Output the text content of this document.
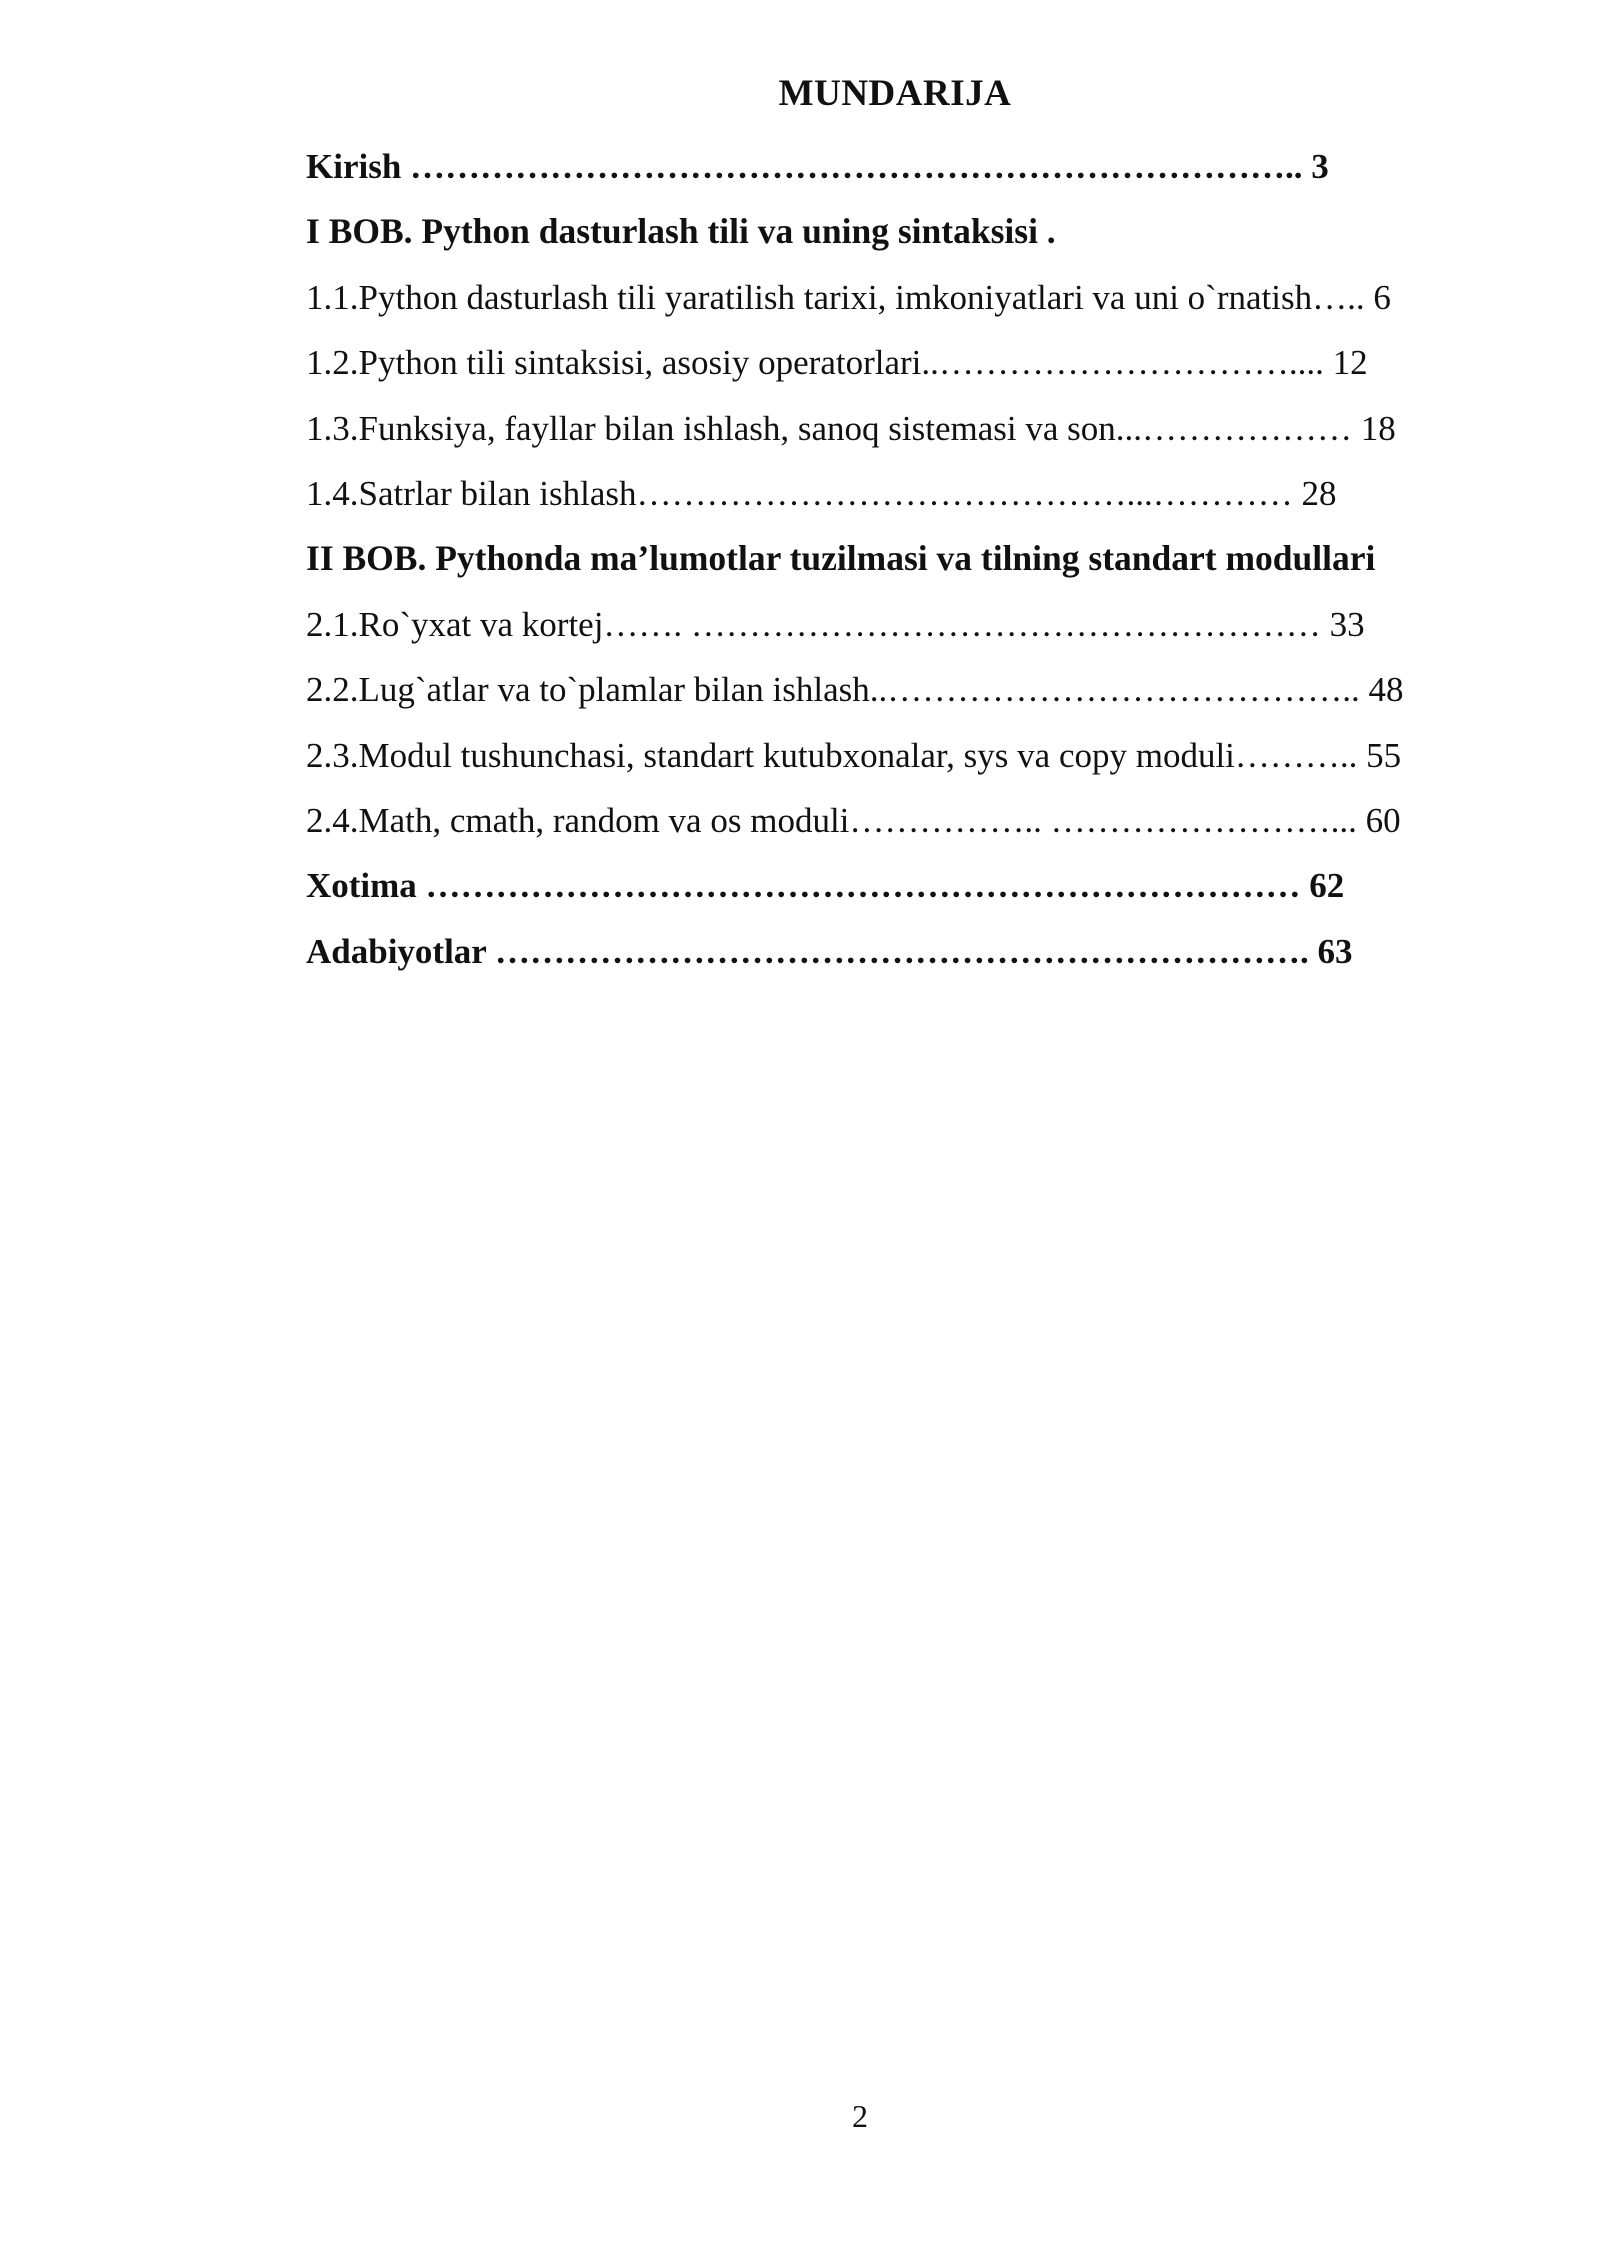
MUNDARIJA
Kirish ………………………………………………………………….. 3
I BOB. Python dasturlash tili va uning sintaksisi .
1.1.Python dasturlash tili yaratilish tarixi, imkoniyatlari va uni o`rnatish….. 6
1.2.Python tili sintaksisi, asosiy operatorlari..………………………….... 12
1.3.Funksiya, fayllar bilan ishlash, sanoq sistemasi va son...……………… 18
1.4.Satrlar bilan ishlash……………………………………...………… 28
II BOB. Pythonda ma’lumotlar tuzilmasi va tilning standart modullari
2.1.Ro`yxat va kortej……. ……………………………………………… 33
2.2.Lug`atlar va to`plamlar bilan ishlash..………………………………….. 48
2.3.Modul tushunchasi, standart kutubxonalar, sys va copy moduli……….. 55
2.4.Math, cmath, random va os moduli…………….. ……………………... 60
Xotima ………………………………………………………………… 62
Adabiyotlar ……………………………………………………………. 63
2
